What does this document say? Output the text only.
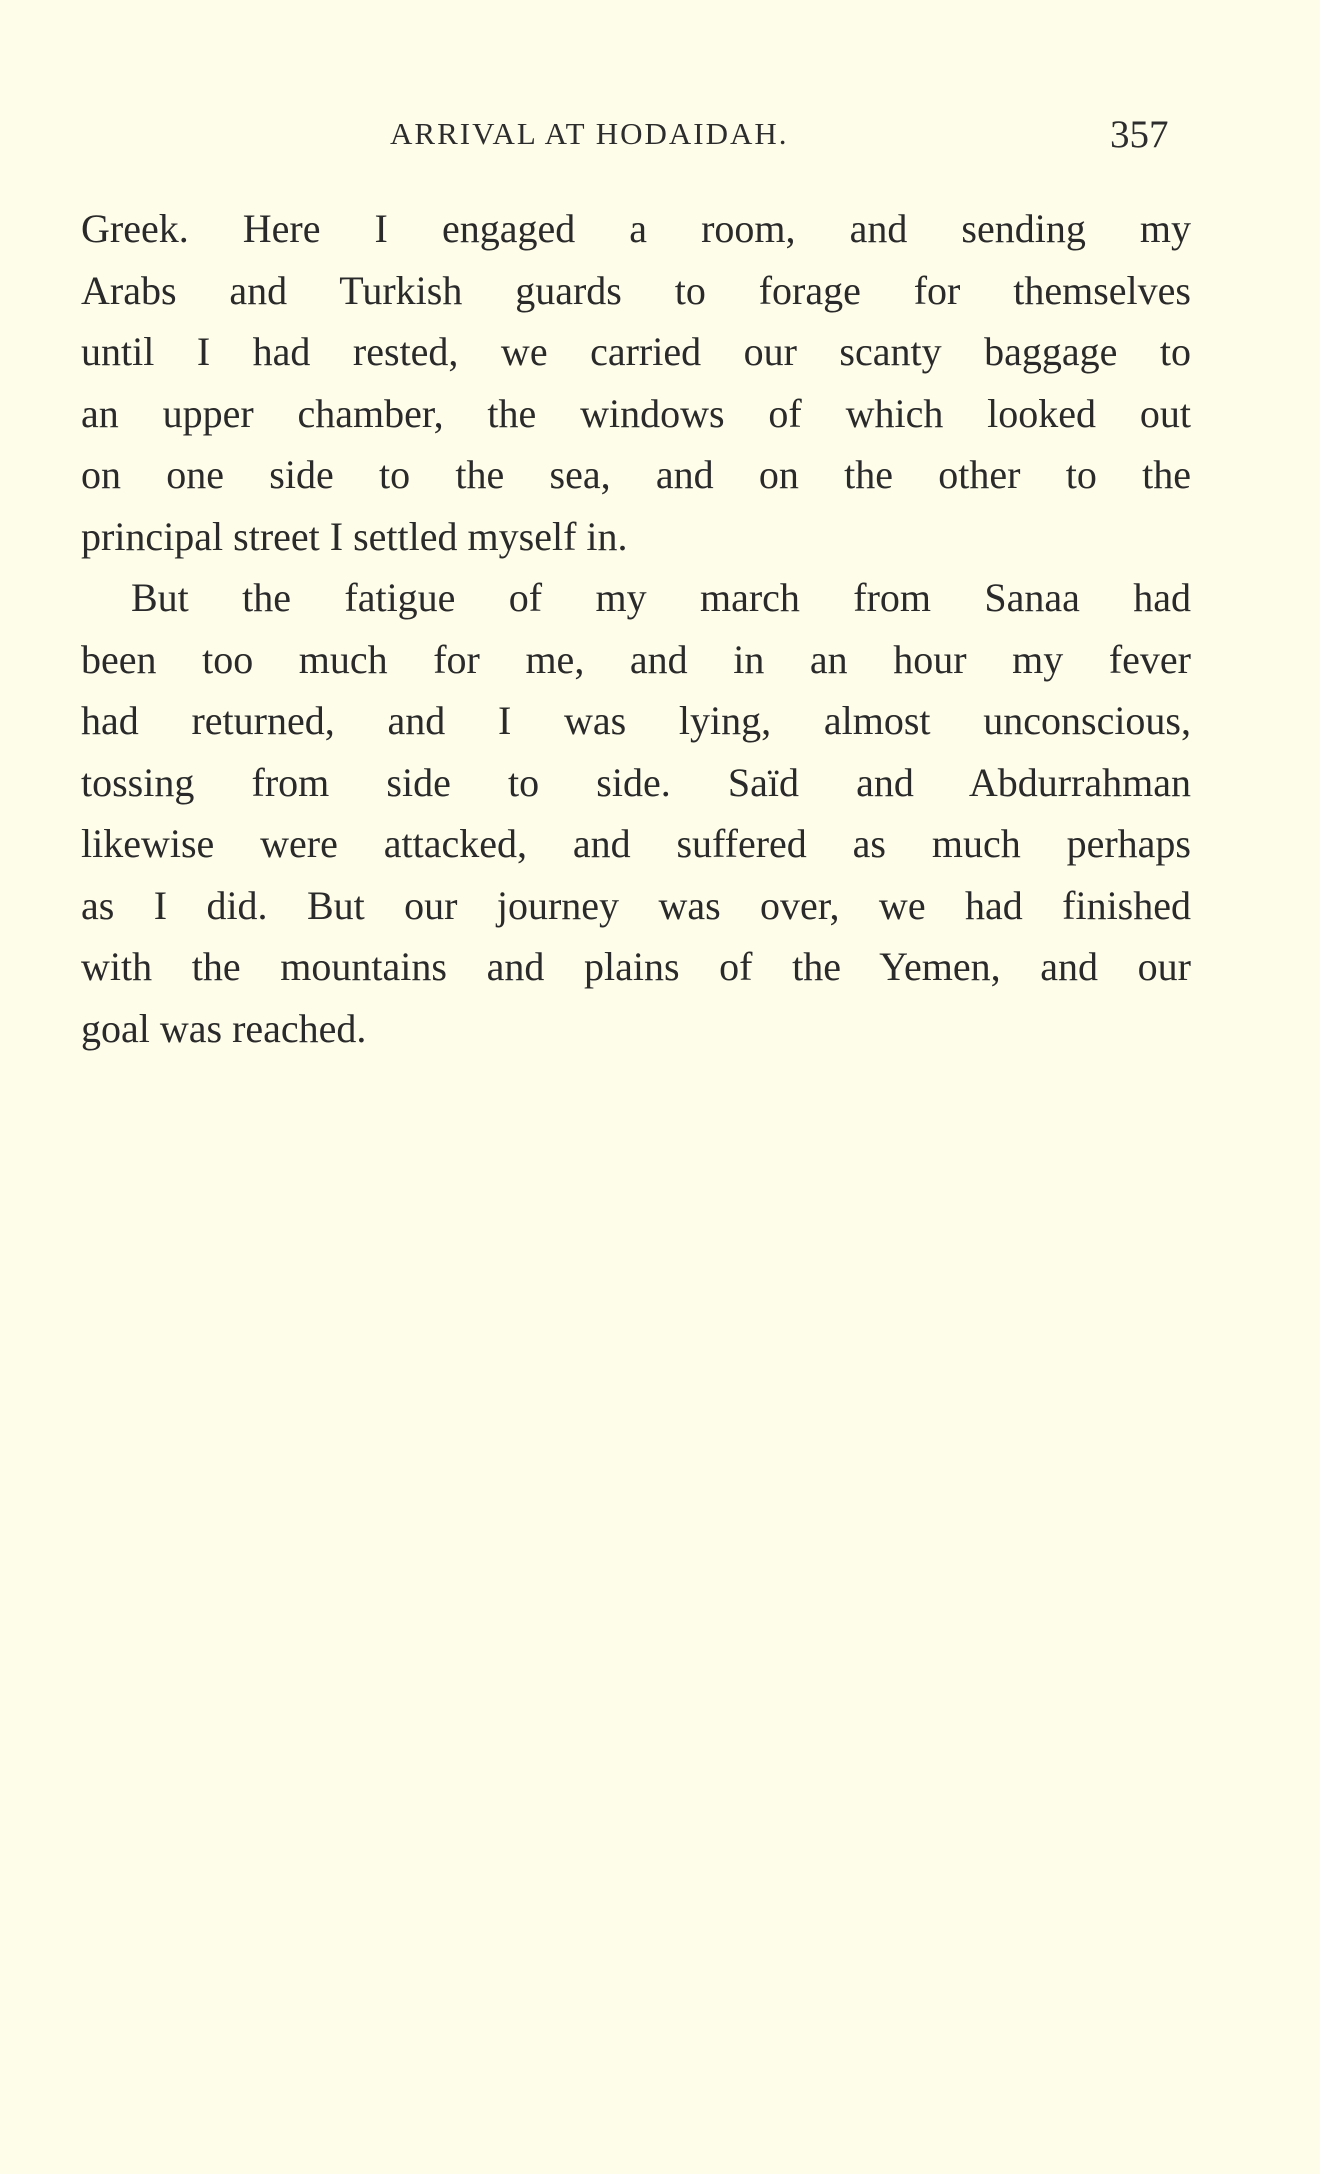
ARRIVAL AT HODAIDAH.	357
Greek. Here I engaged a room, and sending my
Arabs and Turkish guards to forage for themselves
until I had rested, we carried our scanty baggage to
an upper chamber, the windows of which looked out
on one side to the sea, and on the other to the
principal street I settled myself in.
But the fatigue of my march from Sanaa had
been too much for me, and in an hour my fever
had returned, and I was lying, almost unconscious,
tossing from side to side. Saïd and Abdurrahman
likewise were attacked, and suffered as much perhaps
as I did. But our journey was over, we had finished
with the mountains and plains of the Yemen, and our
goal was reached.
